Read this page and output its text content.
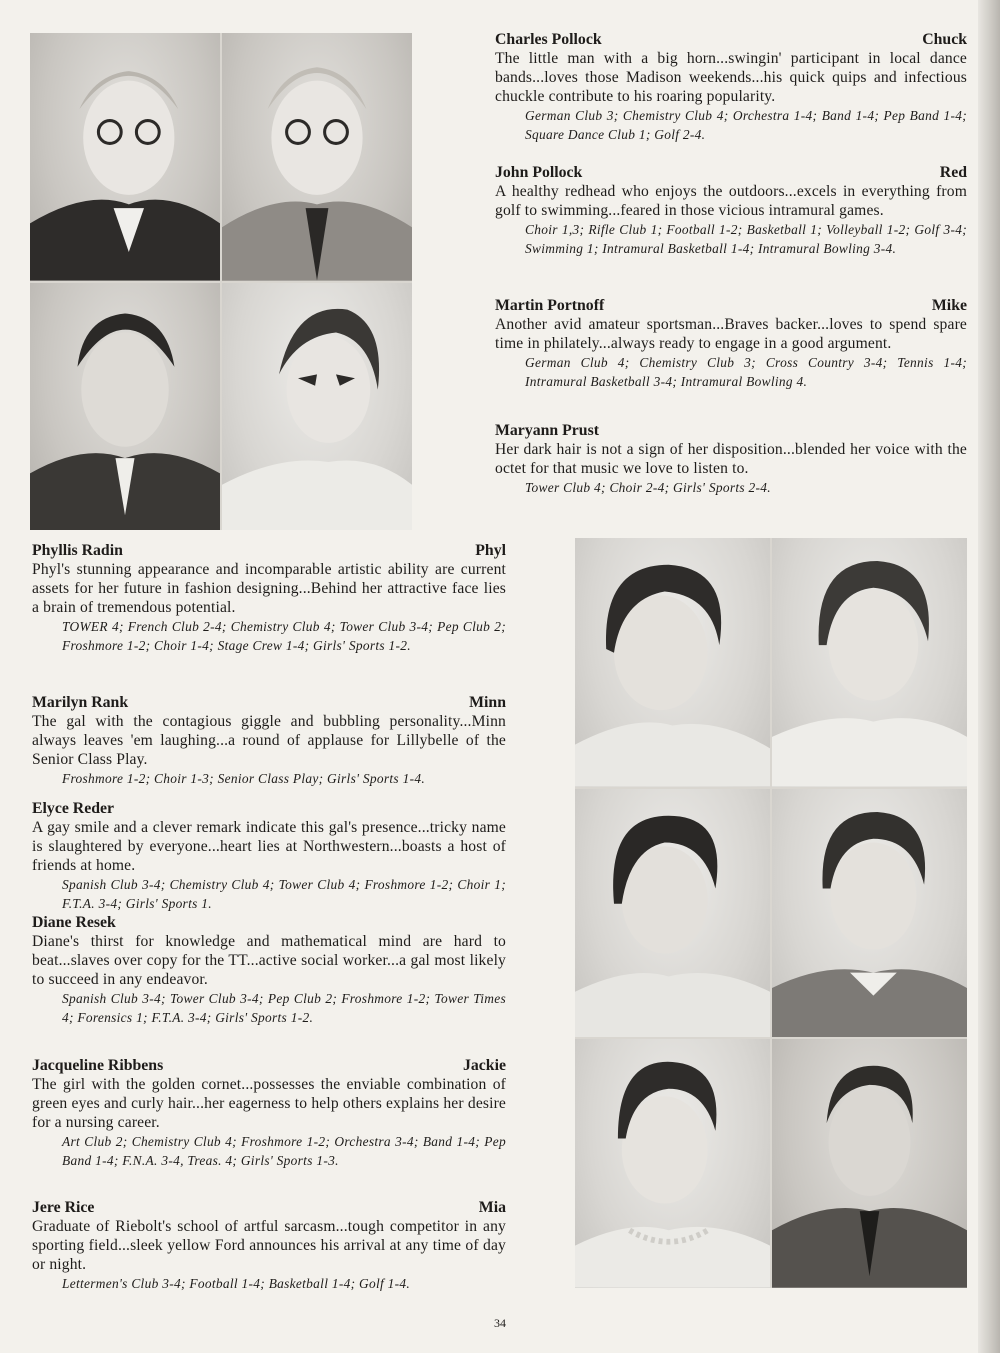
Charles Pollock	Chuck
The little man with a big horn...swingin' participant in local dance bands...loves those Madison weekends...his quick quips and infectious chuckle contribute to his roaring popularity.
German Club 3; Chemistry Club 4; Orchestra 1-4; Band 1-4; Pep Band 1-4; Square Dance Club 1; Golf 2-4.
John Pollock	Red
A healthy redhead who enjoys the outdoors...excels in everything from golf to swimming...feared in those vicious intramural games.
Choir 1,3; Rifle Club 1; Football 1-2; Basketball 1; Volleyball 1-2; Golf 3-4; Swimming 1; Intramural Basketball 1-4; Intramural Bowling 3-4.
Martin Portnoff	Mike
Another avid amateur sportsman...Braves backer...loves to spend spare time in philately...always ready to engage in a good argument.
German Club 4; Chemistry Club 3; Cross Country 3-4; Tennis 1-4; Intramural Basketball 3-4; Intramural Bowling 4.
Maryann Prust
Her dark hair is not a sign of her disposition...blended her voice with the octet for that music we love to listen to.
Tower Club 4; Choir 2-4; Girls' Sports 2-4.
Phyllis Radin	Phyl
Phyl's stunning appearance and incomparable artistic ability are current assets for her future in fashion designing...Behind her attractive face lies a brain of tremendous potential.
TOWER 4; French Club 2-4; Chemistry Club 4; Tower Club 3-4; Pep Club 2; Froshmore 1-2; Choir 1-4; Stage Crew 1-4; Girls' Sports 1-2.
Marilyn Rank	Minn
The gal with the contagious giggle and bubbling personality...Minn always leaves 'em laughing...a round of applause for Lillybelle of the Senior Class Play.
Froshmore 1-2; Choir 1-3; Senior Class Play; Girls' Sports 1-4.
Elyce Reder
A gay smile and a clever remark indicate this gal's presence...tricky name is slaughtered by everyone...heart lies at Northwestern...boasts a host of friends at home.
Spanish Club 3-4; Chemistry Club 4; Tower Club 4; Froshmore 1-2; Choir 1; F.T.A. 3-4; Girls' Sports 1.
Diane Resek
Diane's thirst for knowledge and mathematical mind are hard to beat...slaves over copy for the TT...active social worker...a gal most likely to succeed in any endeavor.
Spanish Club 3-4; Tower Club 3-4; Pep Club 2; Froshmore 1-2; Tower Times 4; Forensics 1; F.T.A. 3-4; Girls' Sports 1-2.
Jacqueline Ribbens	Jackie
The girl with the golden cornet...possesses the enviable combination of green eyes and curly hair...her eagerness to help others explains her desire for a nursing career.
Art Club 2; Chemistry Club 4; Froshmore 1-2; Orchestra 3-4; Band 1-4; Pep Band 1-4; F.N.A. 3-4, Treas. 4; Girls' Sports 1-3.
Jere Rice	Mia
Graduate of Riebolt's school of artful sarcasm...tough competitor in any sporting field...sleek yellow Ford announces his arrival at any time of day or night.
Lettermen's Club 3-4; Football 1-4; Basketball 1-4; Golf 1-4.
34
